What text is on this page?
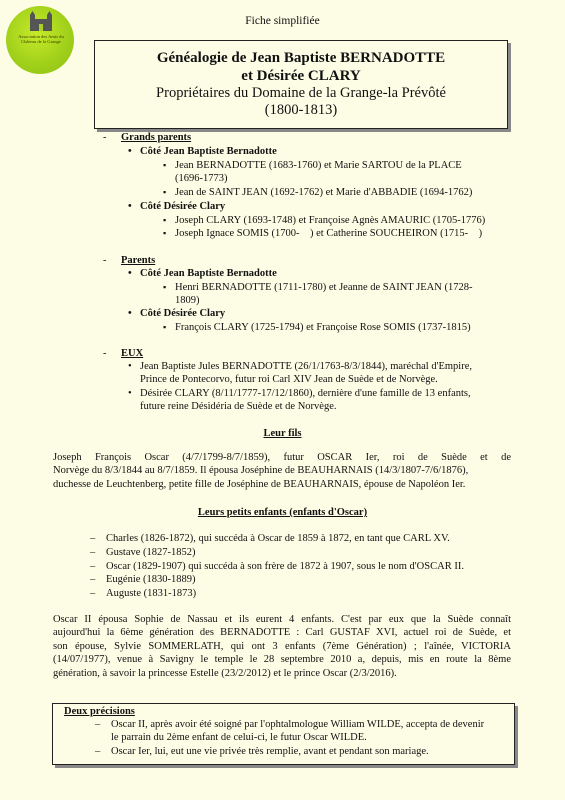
Association des Amis du Château de la Grange
Fiche simplifiée
Généalogie de Jean Baptiste BERNADOTTE
et Désirée CLARY
Propriétaires du Domaine de la Grange-la Prévôté
(1800-1813)
- Grands parents
• Côté Jean Baptiste Bernadotte
▪ Jean BERNADOTTE (1683-1760) et Marie SARTOU de la PLACE
(1696-1773)
▪ Jean de SAINT JEAN (1692-1762) et Marie d'ABBADIE (1694-1762)
• Côté Désirée Clary
▪ Joseph CLARY (1693-1748) et Françoise Agnès AMAURIC (1705-1776)
▪ Joseph Ignace SOMIS (1700-    ) et Catherine SOUCHEIRON (1715-    )
- Parents
• Côté Jean Baptiste Bernadotte
▪ Henri BERNADOTTE (1711-1780) et Jeanne de SAINT JEAN (1728-
1809)
• Côté Désirée Clary
▪ François CLARY (1725-1794) et Françoise Rose SOMIS (1737-1815)
- EUX
• Jean Baptiste Jules BERNADOTTE (26/1/1763-8/3/1844), maréchal d'Empire,
Prince de Pontecorvo, futur roi Carl XIV Jean de Suède et de Norvège.
• Désirée CLARY (8/11/1777-17/12/1860), dernière d'une famille de 13 enfants,
future reine Désidéria de Suède et de Norvège.
Leur fils
Joseph François Oscar (4/7/1799-8/7/1859), futur OSCAR Ier, roi de Suède et de
Norvège du 8/3/1844 au 8/7/1859. Il épousa Joséphine de BEAUHARNAIS (14/3/1807-7/6/1876),
duchesse de Leuchtenberg, petite fille de Joséphine de BEAUHARNAIS, épouse de Napoléon Ier.
Leurs petits enfants (enfants d'Oscar)
– Charles (1826-1872), qui succéda à Oscar de 1859 à 1872, en tant que CARL XV.
– Gustave (1827-1852)
– Oscar (1829-1907) qui succéda à son frère de 1872 à 1907, sous le nom d'OSCAR II.
– Eugénie (1830-1889)
– Auguste (1831-1873)
Oscar II épousa Sophie de Nassau et ils eurent 4 enfants. C'est par eux que la Suède connaît
aujourd'hui la 6ème génération des BERNADOTTE : Carl GUSTAF XVI, actuel roi de Suède, et
son épouse, Sylvie SOMMERLATH, qui ont 3 enfants (7ème Génération) ; l'aînée, VICTORIA
(14/07/1977), venue à Savigny le temple le 28 septembre 2010 a, depuis, mis en route la 8ème
génération, à savoir la princesse Estelle (23/2/2012) et le prince Oscar (2/3/2016).
Deux précisions
– Oscar II, après avoir été soigné par l'ophtalmologue William WILDE, accepta de devenir
le parrain du 2ème enfant de celui-ci, le futur Oscar WILDE.
– Oscar Ier, lui, eut une vie privée très remplie, avant et pendant son mariage.
